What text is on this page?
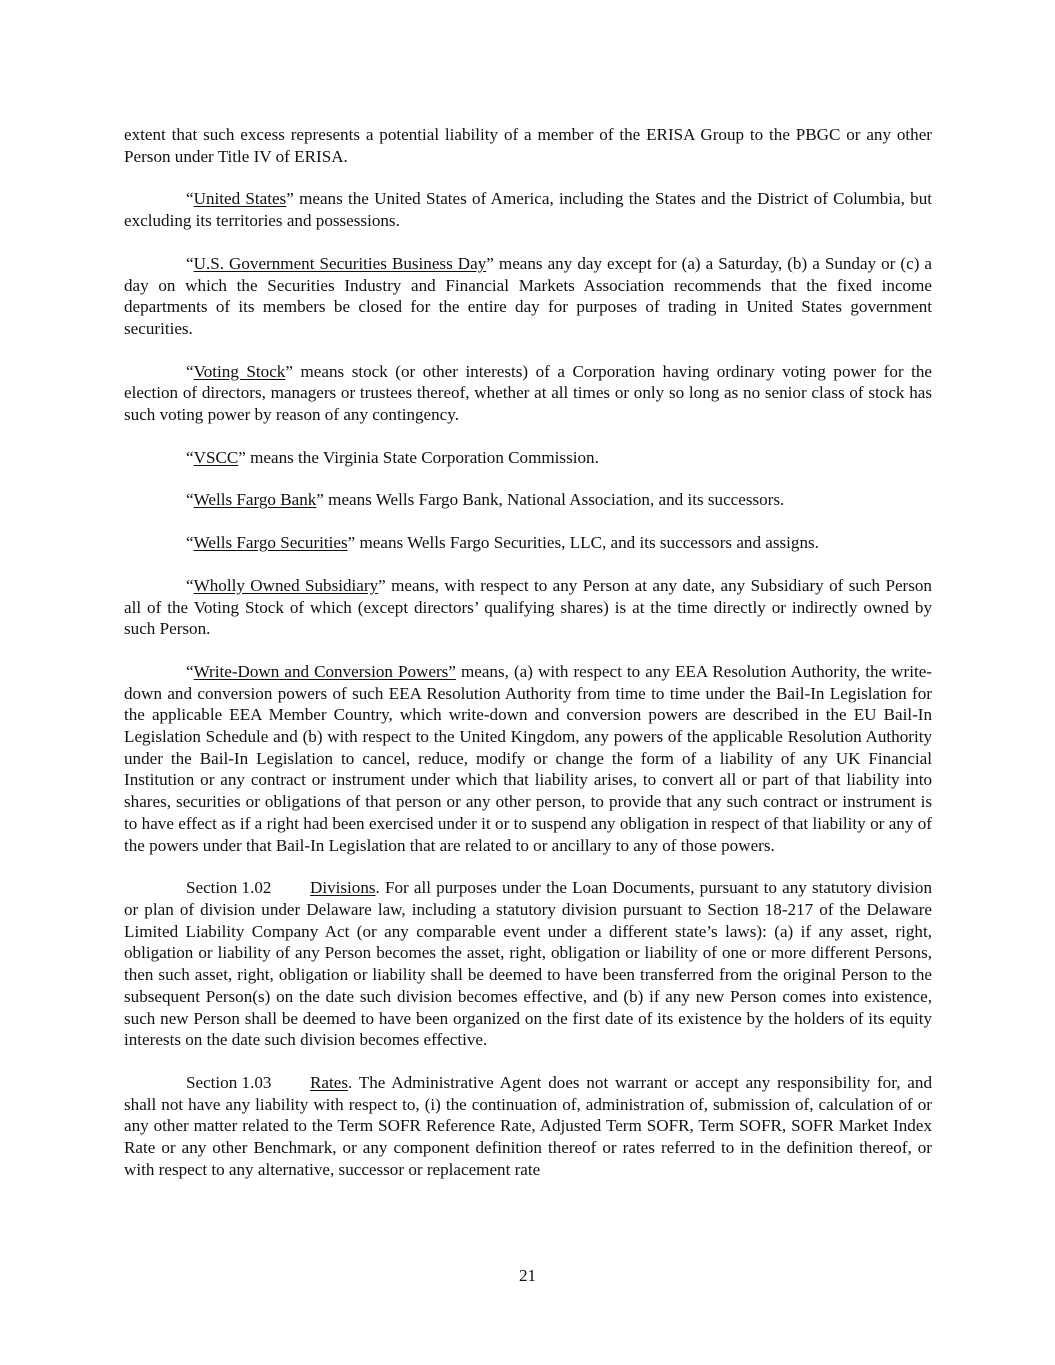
extent that such excess represents a potential liability of a member of the ERISA Group to the PBGC or any other Person under Title IV of ERISA.

“United States” means the United States of America, including the States and the District of Columbia, but excluding its territories and possessions.

“U.S. Government Securities Business Day” means any day except for (a) a Saturday, (b) a Sunday or (c) a day on which the Securities Industry and Financial Markets Association recommends that the fixed income departments of its members be closed for the entire day for purposes of trading in United States government securities.

“Voting Stock” means stock (or other interests) of a Corporation having ordinary voting power for the election of directors, managers or trustees thereof, whether at all times or only so long as no senior class of stock has such voting power by reason of any contingency.

“VSCC” means the Virginia State Corporation Commission.

“Wells Fargo Bank” means Wells Fargo Bank, National Association, and its successors.

“Wells Fargo Securities” means Wells Fargo Securities, LLC, and its successors and assigns.

“Wholly Owned Subsidiary” means, with respect to any Person at any date, any Subsidiary of such Person all of the Voting Stock of which (except directors’ qualifying shares) is at the time directly or indirectly owned by such Person.

“Write-Down and Conversion Powers” means, (a) with respect to any EEA Resolution Authority, the write-down and conversion powers of such EEA Resolution Authority from time to time under the Bail-In Legislation for the applicable EEA Member Country, which write-down and conversion powers are described in the EU Bail-In Legislation Schedule and (b) with respect to the United Kingdom, any powers of the applicable Resolution Authority under the Bail-In Legislation to cancel, reduce, modify or change the form of a liability of any UK Financial Institution or any contract or instrument under which that liability arises, to convert all or part of that liability into shares, securities or obligations of that person or any other person, to provide that any such contract or instrument is to have effect as if a right had been exercised under it or to suspend any obligation in respect of that liability or any of the powers under that Bail-In Legislation that are related to or ancillary to any of those powers.

Section 1.02 Divisions. For all purposes under the Loan Documents, pursuant to any statutory division or plan of division under Delaware law, including a statutory division pursuant to Section 18-217 of the Delaware Limited Liability Company Act (or any comparable event under a different state’s laws): (a) if any asset, right, obligation or liability of any Person becomes the asset, right, obligation or liability of one or more different Persons, then such asset, right, obligation or liability shall be deemed to have been transferred from the original Person to the subsequent Person(s) on the date such division becomes effective, and (b) if any new Person comes into existence, such new Person shall be deemed to have been organized on the first date of its existence by the holders of its equity interests on the date such division becomes effective.

Section 1.03 Rates. The Administrative Agent does not warrant or accept any responsibility for, and shall not have any liability with respect to, (i) the continuation of, administration of, submission of, calculation of or any other matter related to the Term SOFR Reference Rate, Adjusted Term SOFR, Term SOFR, SOFR Market Index Rate or any other Benchmark, or any component definition thereof or rates referred to in the definition thereof, or with respect to any alternative, successor or replacement rate

21
